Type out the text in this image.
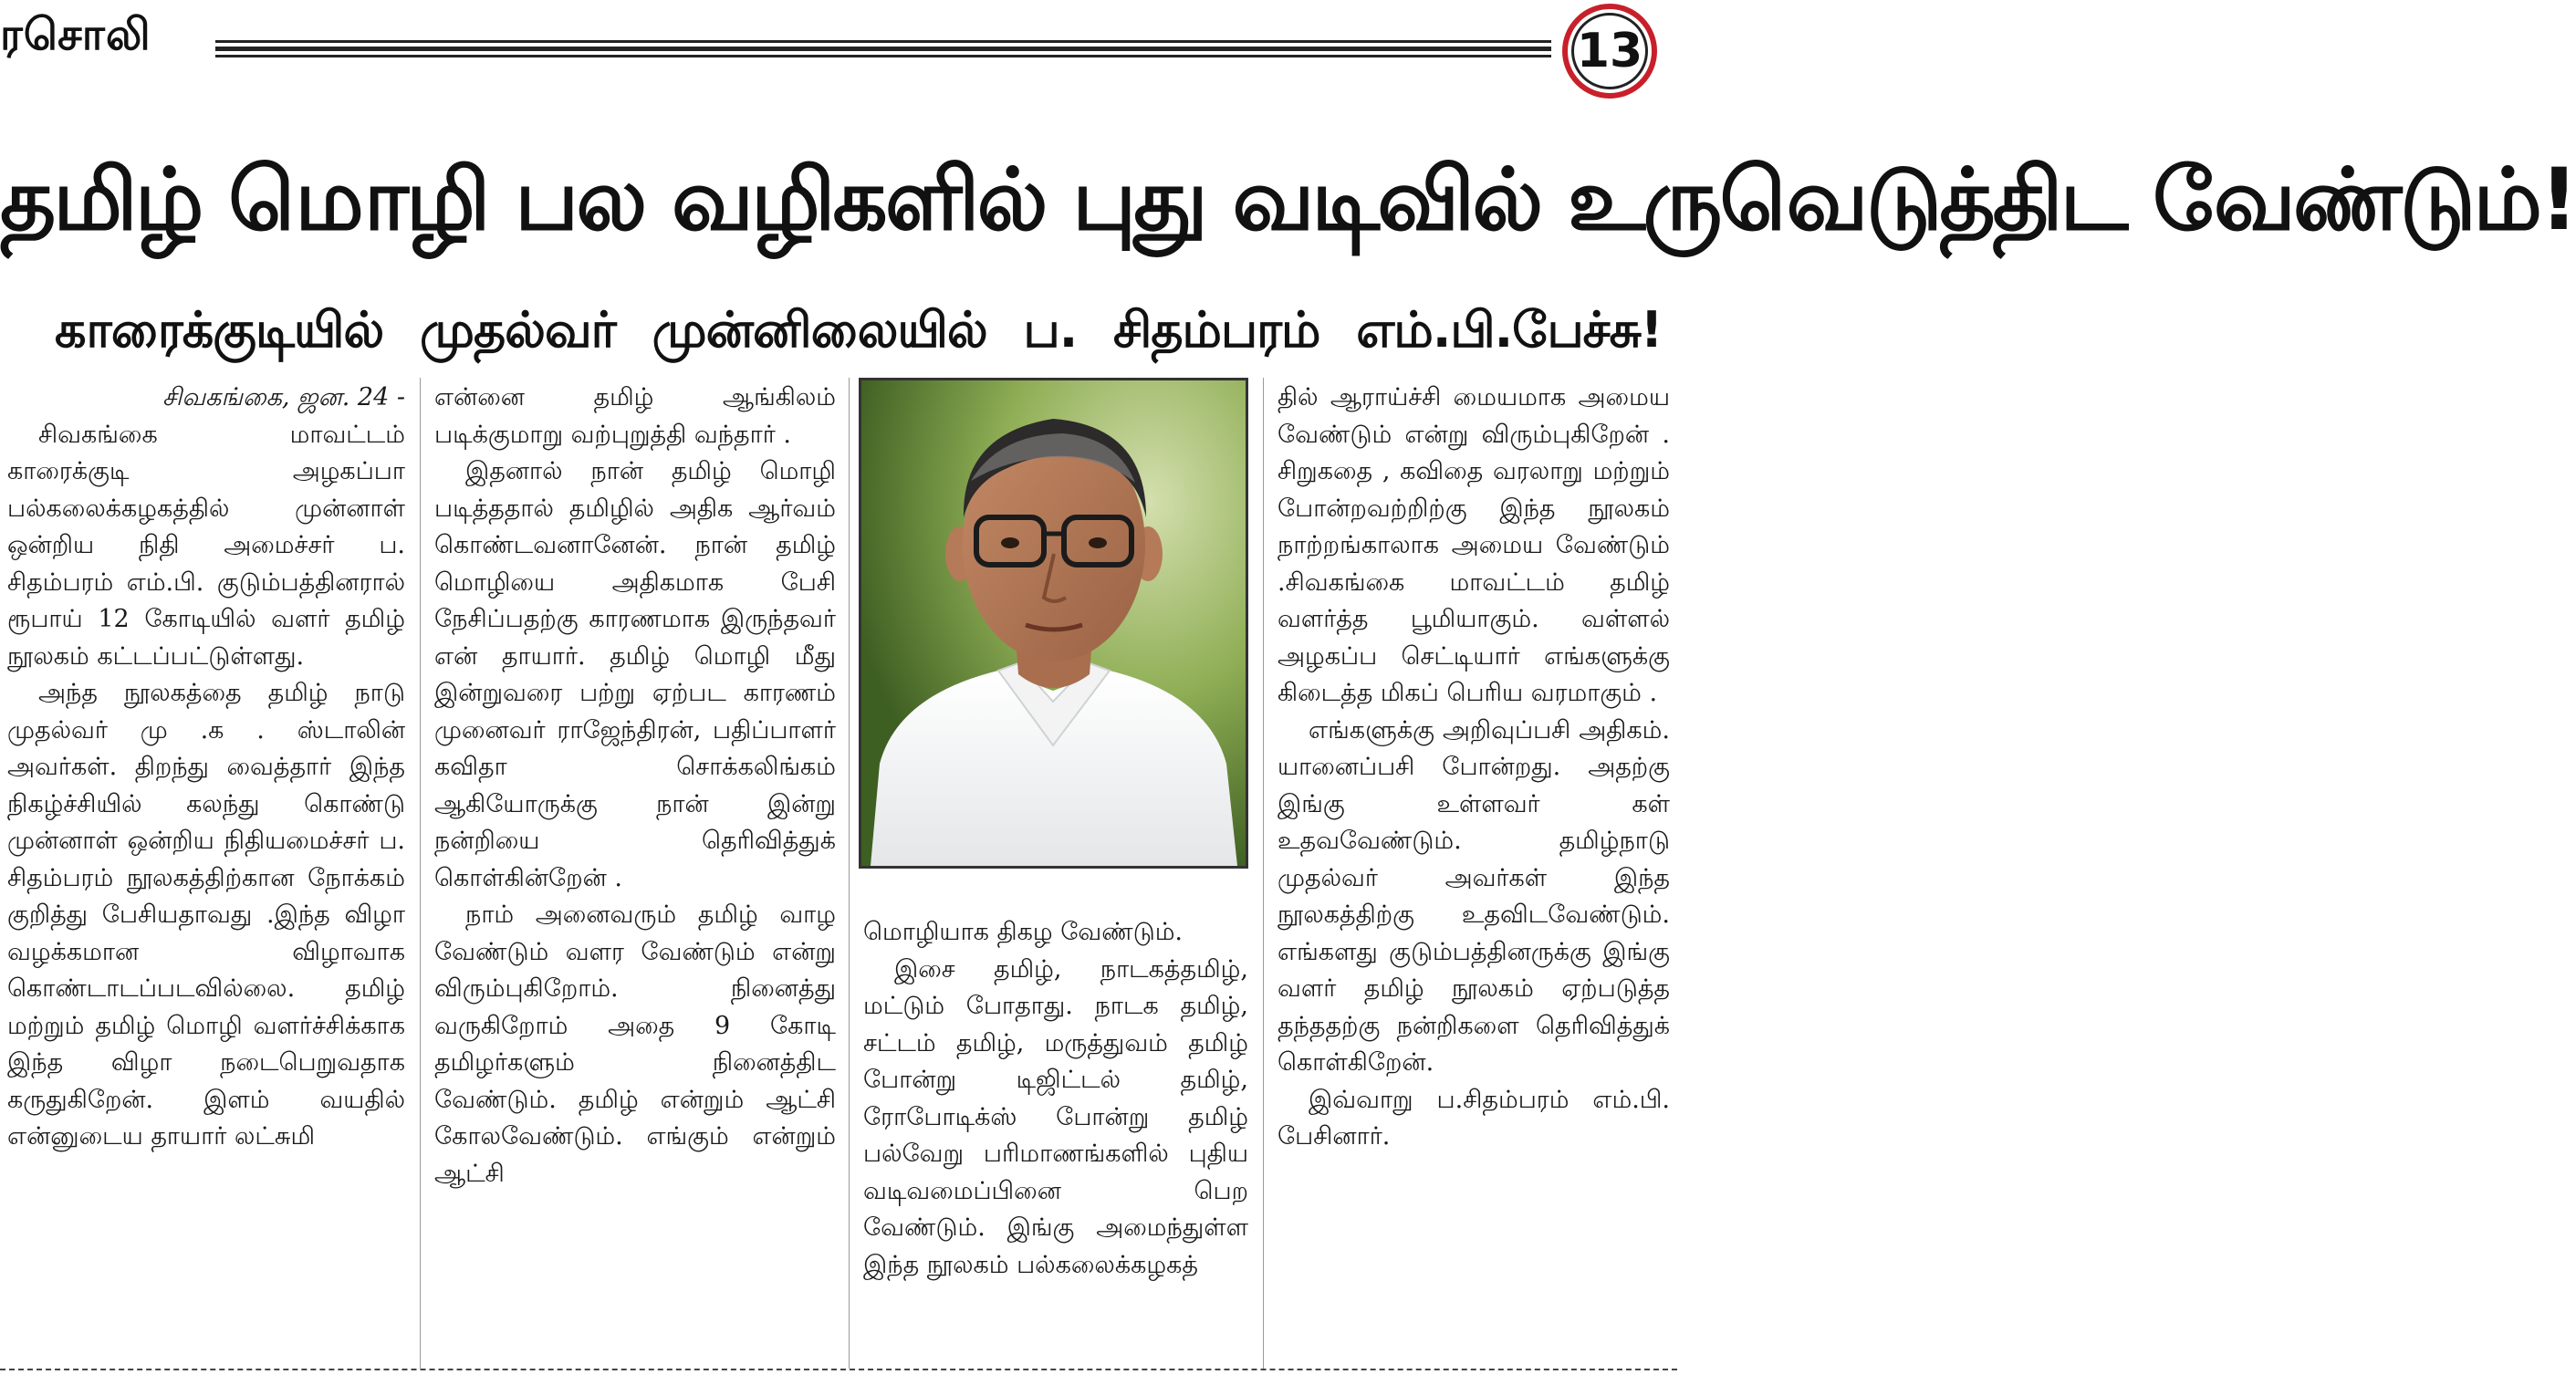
ரசொலி	13
தமிழ் மொழி பல வழிகளில் புது வடிவில் உருவெடுத்திட வேண்டும்!
காரைக்குடியில் முதல்வர் முன்னிலையில் ப. சிதம்பரம் எம்.பி.பேச்சு!
சிவகங்கை, ஜன. 24 -

சிவகங்கை மாவட்டம் காரைக்குடி அழகப்பா பல்கலைக்கழகத்தில் முன்னாள் ஒன்றிய நிதி அமைச்சர் ப. சிதம்பரம் எம்.பி. குடும்பத்தினரால் ரூபாய் 12 கோடியில் வளர் தமிழ் நூலகம் கட்டப்பட்டுள்ளது.

அந்த நூலகத்தை தமிழ் நாடு முதல்வர் மு .க . ஸ்டாலின் அவர்கள். திறந்து வைத்தார் இந்த நிகழ்ச்சியில் கலந்து கொண்டு முன்னாள் ஒன்றிய நிதியமைச்சர் ப. சிதம்பரம் நூலகத்திற்கான நோக்கம் குறித்து பேசியதாவது .இந்த விழா வழக்கமான விழாவாக கொண்டாடப்படவில்லை. தமிழ் மற்றும் தமிழ் மொழி வளர்ச்சிக்காக இந்த விழா நடைபெறுவதாக கருதுகிறேன். இளம் வயதில் என்னுடைய தாயார் லட்சுமி

என்னை தமிழ் ஆங்கிலம் படிக்குமாறு வற்புறுத்தி வந்தார் .

இதனால் நான் தமிழ் மொழி படித்ததால் தமிழில் அதிக ஆர்வம் கொண்டவனானேன். நான் தமிழ் மொழியை அதிகமாக பேசி நேசிப்பதற்கு காரணமாக இருந்தவர் என் தாயார். தமிழ் மொழி மீது இன்றுவரை பற்று ஏற்பட காரணம் முனைவர் ராஜேந்திரன், பதிப்பாளர் கவிதா சொக்கலிங்கம் ஆகியோருக்கு நான் இன்று நன்றியை தெரிவித்துக் கொள்கின்றேன் .

நாம் அனைவரும் தமிழ் வாழ வேண்டும் வளர வேண்டும் என்று விரும்புகிறோம். நினைத்து வருகிறோம் அதை 9 கோடி தமிழர்களும் நினைத்திட வேண்டும். தமிழ் என்றும் ஆட்சி கோலவேண்டும். எங்கும் என்றும் ஆட்சி

மொழியாக திகழ வேண்டும்.

இசை தமிழ், நாடகத்தமிழ், மட்டும் போதாது. நாடக தமிழ், சட்டம் தமிழ், மருத்துவம் தமிழ் போன்று டிஜிட்டல் தமிழ், ரோபோடிக்ஸ் போன்று தமிழ் பல்வேறு பரிமாணங்களில் புதிய வடிவமைப்பினை பெற வேண்டும். இங்கு அமைந்துள்ள இந்த நூலகம் பல்கலைக்கழகத்

தில் ஆராய்ச்சி மையமாக அமைய வேண்டும் என்று விரும்புகிறேன் . சிறுகதை , கவிதை வரலாறு மற்றும் போன்றவற்றிற்கு இந்த நூலகம் நாற்றங்காலாக அமைய வேண்டும் .சிவகங்கை மாவட்டம் தமிழ் வளர்த்த பூமியாகும். வள்ளல் அழகப்ப செட்டியார் எங்களுக்கு கிடைத்த மிகப் பெரிய வரமாகும் .

எங்களுக்கு அறிவுப்பசி அதிகம். யானைப்பசி போன்றது. அதற்கு இங்கு உள்ளவர் கள் உதவவேண்டும். தமிழ்நாடு முதல்வர் அவர்கள் இந்த நூலகத்திற்கு உதவிடவேண்டும். எங்களது குடும்பத்தினருக்கு இங்கு வளர் தமிழ் நூலகம் ஏற்படுத்த தந்ததற்கு நன்றிகளை தெரிவித்துக் கொள்கிறேன்.

இவ்வாறு ப.சிதம்பரம் எம்.பி. பேசினார்.
